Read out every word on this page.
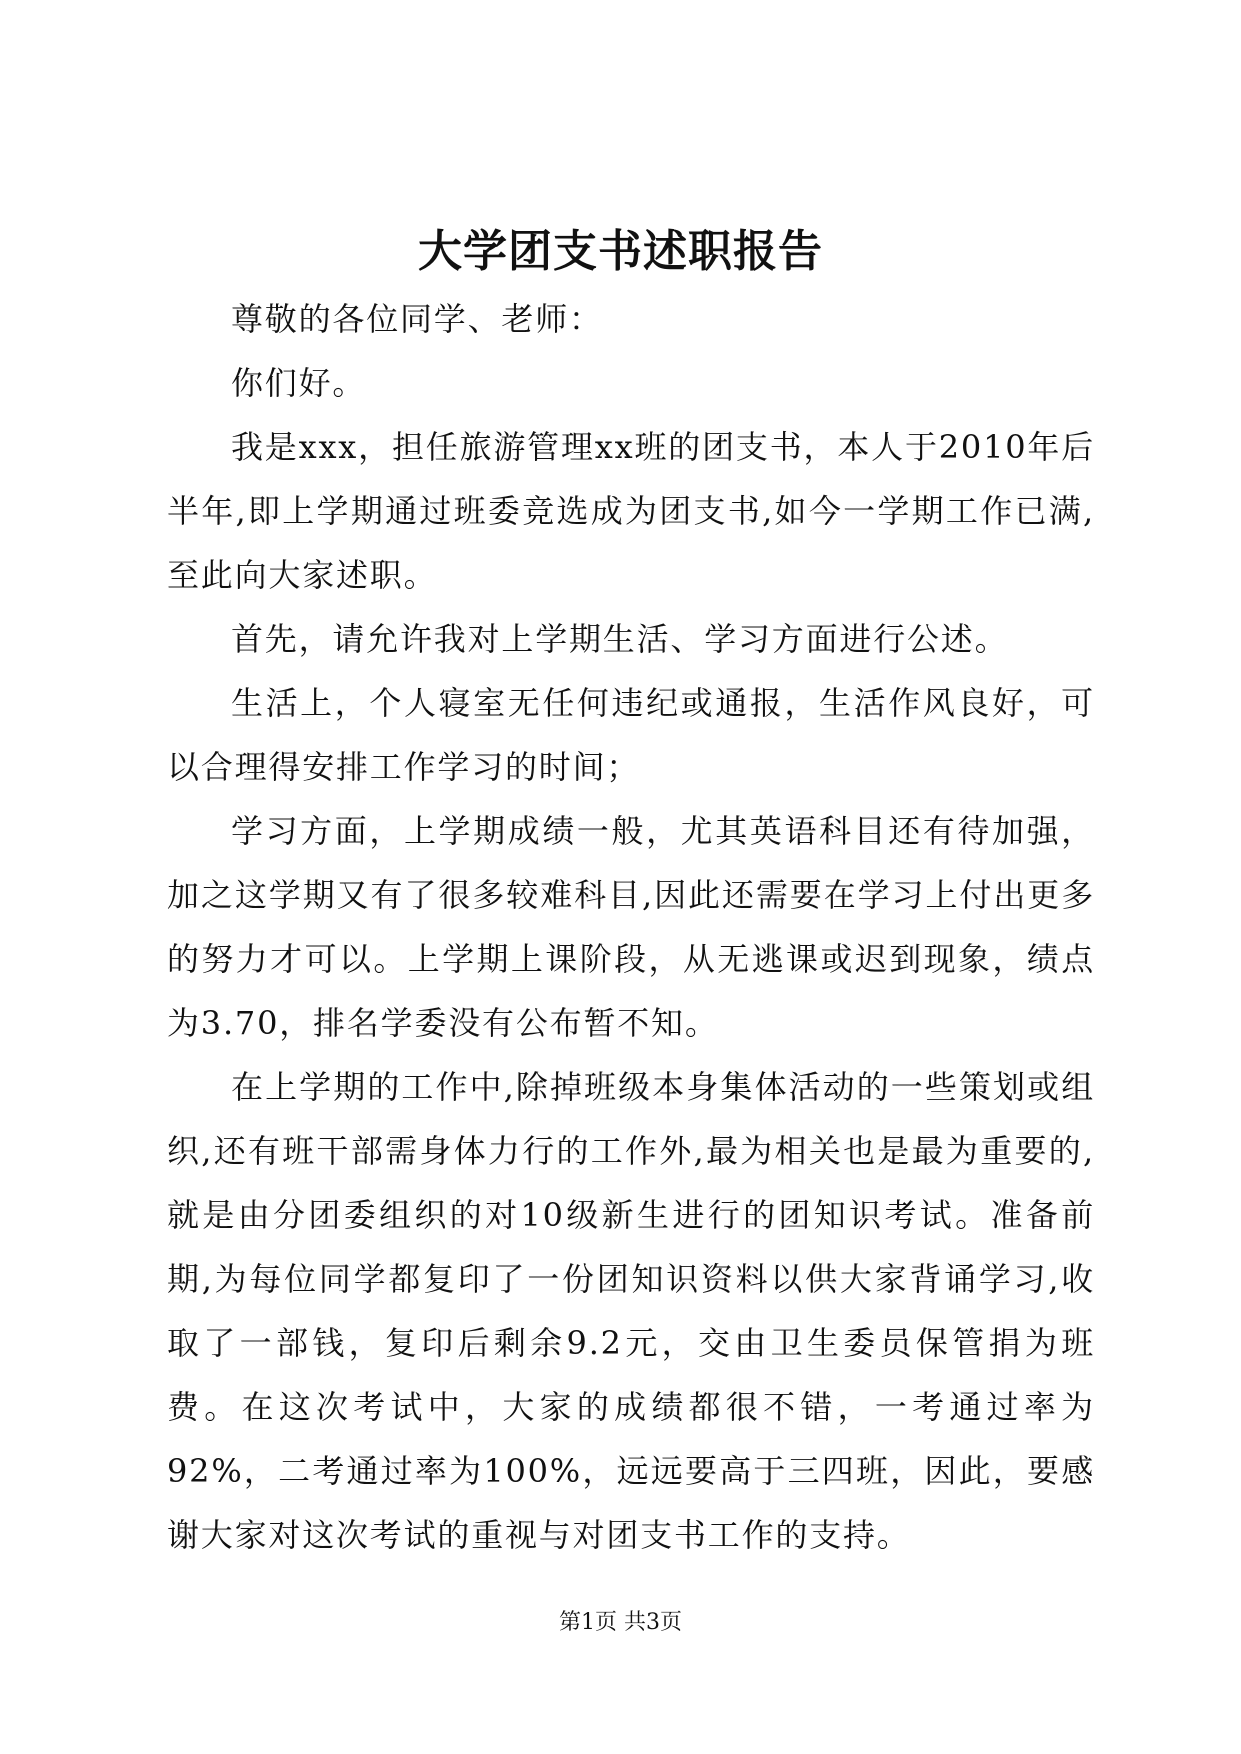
大学团支书述职报告

尊敬的各位同学、老师：

你们好。

我是xxx，担任旅游管理xx班的团支书，本人于2010年后半年,即上学期通过班委竞选成为团支书,如今一学期工作已满,至此向大家述职。

首先，请允许我对上学期生活、学习方面进行公述。

生活上，个人寝室无任何违纪或通报，生活作风良好，可以合理得安排工作学习的时间；

学习方面，上学期成绩一般，尤其英语科目还有待加强，加之这学期又有了很多较难科目,因此还需要在学习上付出更多的努力才可以。上学期上课阶段，从无逃课或迟到现象，绩点为3.70，排名学委没有公布暂不知。

在上学期的工作中,除掉班级本身集体活动的一些策划或组织,还有班干部需身体力行的工作外,最为相关也是最为重要的,就是由分团委组织的对10级新生进行的团知识考试。准备前期,为每位同学都复印了一份团知识资料以供大家背诵学习,收取了一部钱，复印后剩余9.2元，交由卫生委员保管捐为班费。在这次考试中，大家的成绩都很不错，一考通过率为92%，二考通过率为100%，远远要高于三四班，因此，要感谢大家对这次考试的重视与对团支书工作的支持。

第1页 共3页
